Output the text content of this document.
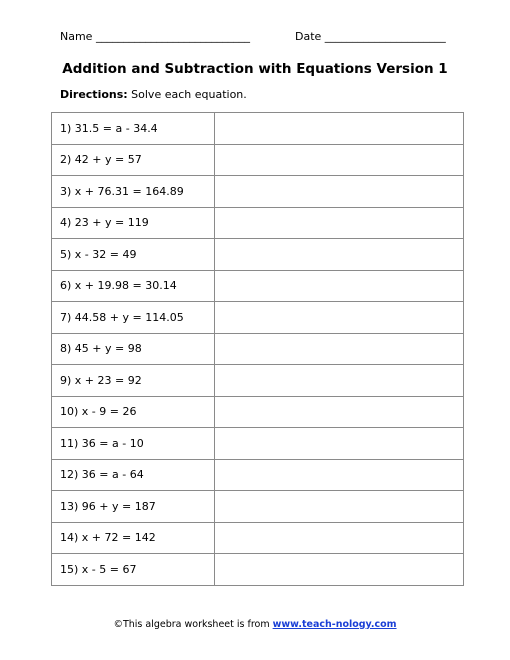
Name ____________________________	Date ______________________
Addition and Subtraction with Equations Version 1
Directions: Solve each equation.
1) 31.5 = a - 34.4	
2) 42 + y = 57	
3) x + 76.31 = 164.89	
4) 23 + y = 119	
5) x - 32 = 49	
6) x + 19.98 = 30.14	
7) 44.58 + y = 114.05	
8) 45 + y = 98	
9) x + 23 = 92	
10) x - 9 = 26	
11) 36 = a - 10	
12) 36 = a - 64	
13) 96 + y = 187	
14) x + 72 = 142	
15) x - 5 = 67	
©This algebra worksheet is from www.teach-nology.com
